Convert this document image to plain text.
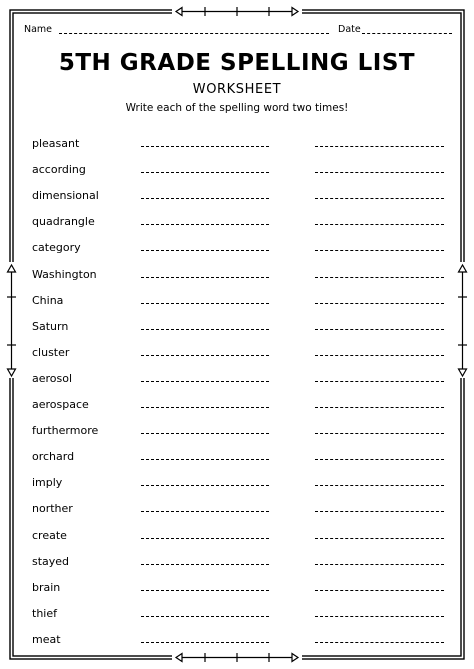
Name	Date
5TH GRADE SPELLING LIST
WORKSHEET
Write each of the spelling word two times!
pleasant
according
dimensional
quadrangle
category
Washington
China
Saturn
cluster
aerosol
aerospace
furthermore
orchard
imply
norther
create
stayed
brain
thief
meat
